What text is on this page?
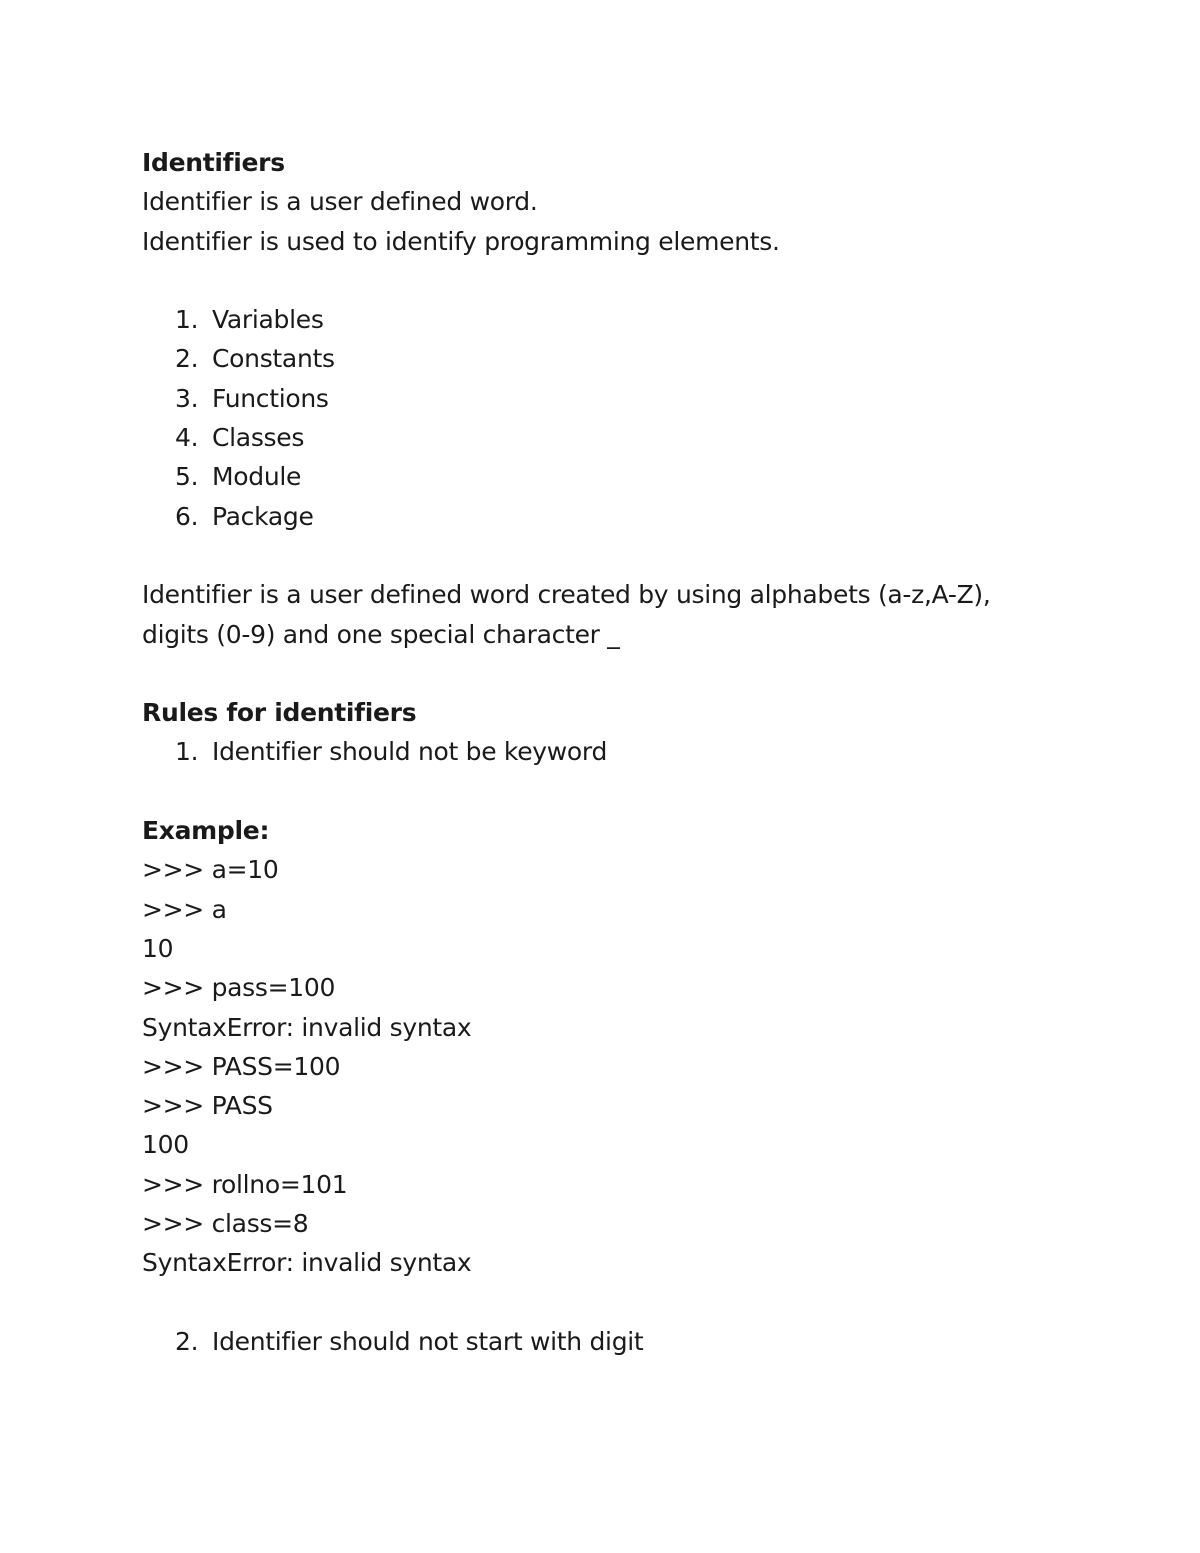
Identifiers
Identifier is a user defined word.
Identifier is used to identify programming elements.
1. Variables
2. Constants
3. Functions
4. Classes
5. Module
6. Package
Identifier is a user defined word created by using alphabets (a-z,A-Z),
digits (0-9) and one special character _
Rules for identifiers
1. Identifier should not be keyword
Example:
>>> a=10
>>> a
10
>>> pass=100
SyntaxError: invalid syntax
>>> PASS=100
>>> PASS
100
>>> rollno=101
>>> class=8
SyntaxError: invalid syntax
2. Identifier should not start with digit
